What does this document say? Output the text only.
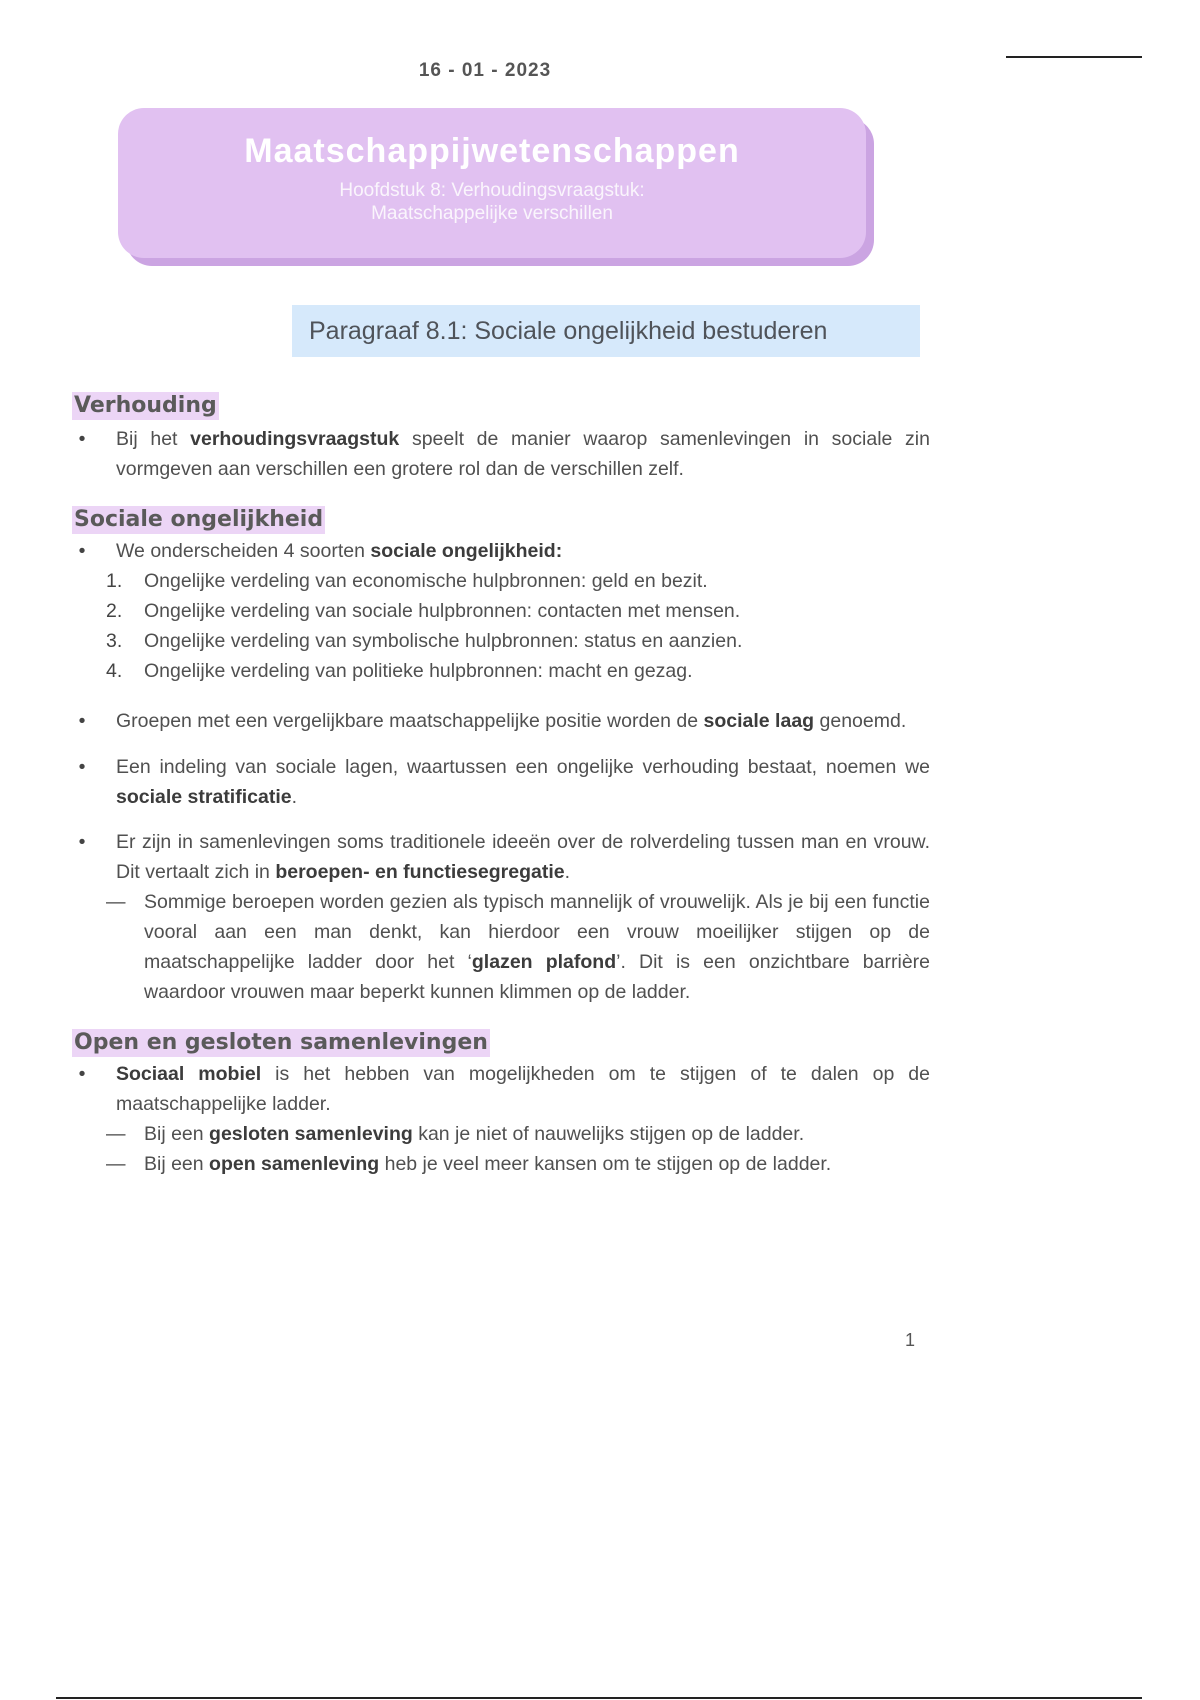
16 - 01 - 2023
Maatschappijwetenschappen
Hoofdstuk 8: Verhoudingsvraagstuk:
Maatschappelijke verschillen
Paragraaf 8.1: Sociale ongelijkheid bestuderen
Verhouding
•	Bij het verhoudingsvraagstuk speelt de manier waarop samenlevingen in sociale zin vormgeven aan verschillen een grotere rol dan de verschillen zelf.
Sociale ongelijkheid
•	We onderscheiden 4 soorten sociale ongelijkheid:
1.	Ongelijke verdeling van economische hulpbronnen: geld en bezit.
2.	Ongelijke verdeling van sociale hulpbronnen: contacten met mensen.
3.	Ongelijke verdeling van symbolische hulpbronnen: status en aanzien.
4.	Ongelijke verdeling van politieke hulpbronnen: macht en gezag.
•	Groepen met een vergelijkbare maatschappelijke positie worden de sociale laag genoemd.
•	Een indeling van sociale lagen, waartussen een ongelijke verhouding bestaat, noemen we sociale stratificatie.
•	Er zijn in samenlevingen soms traditionele ideeën over de rolverdeling tussen man en vrouw. Dit vertaalt zich in beroepen- en functiesegregatie.
— Sommige beroepen worden gezien als typisch mannelijk of vrouwelijk. Als je bij een functie vooral aan een man denkt, kan hierdoor een vrouw moeilijker stijgen op de maatschappelijke ladder door het ‘glazen plafond’. Dit is een onzichtbare barrière waardoor vrouwen maar beperkt kunnen klimmen op de ladder.
Open en gesloten samenlevingen
•	Sociaal mobiel is het hebben van mogelijkheden om te stijgen of te dalen op de maatschappelijke ladder.
— Bij een gesloten samenleving kan je niet of nauwelijks stijgen op de ladder.
— Bij een open samenleving heb je veel meer kansen om te stijgen op de ladder.
1
